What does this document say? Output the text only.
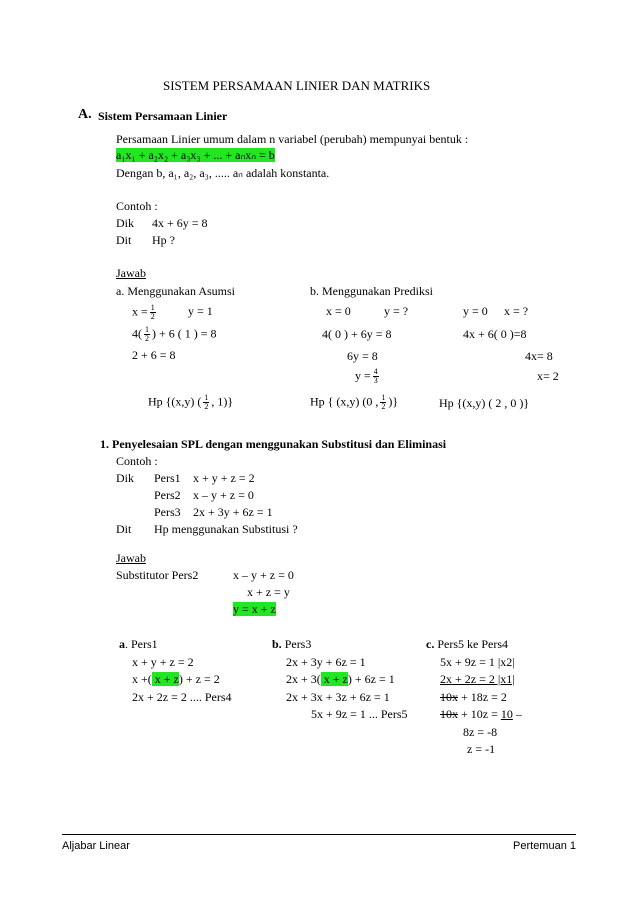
SISTEM PERSAMAAN LINIER DAN MATRIKS
A. Sistem Persamaan Linier
Persamaan Linier umum dalam n variabel (perubah) mempunyai bentuk :
a₁x₁ + a₂x₂ + a₃x₃ + ... + aₙxₙ = b
Dengan b, a₁, a₂, a₃, ..... aₙ adalah konstanta.
Contoh :
Dik 4x + 6y = 8
Dit Hp ?
Jawab
a. Menggunakan Asumsi
$x = \frac{1}{2}$	y = 1
$4( \frac{1}{2}$ ) + 6 ( 1 ) = 8
2 + 6 = 8
Hp {(x,y) ( $\frac{1}{2}$ , 1)}
b. Menggunakan Prediksi
x = 0	y = ?
4( 0 ) + 6y = 8
6y = 8
$y = \frac{4}{3}$
Hp { (x,y) (0 , $\frac{1}{2}$ )}
y = 0 x = ?
4x + 6( 0 )=8
4x= 8
x= 2
Hp {(x,y) ( 2 , 0 )}
1. Penyelesaian SPL dengan menggunakan Substitusi dan Eliminasi
Contoh :
Dik Pers1 x + y + z = 2
Pers2 x – y + z = 0
Pers3 2x + 3y + 6z = 1
Dit Hp menggunakan Substitusi ?
Jawab
Substitutor Pers2	x – y + z = 0
x + z = y
y = x + z
a. Pers1
x + y + z = 2
x +( x + z) + z = 2
2x + 2z = 2 .... Pers4
b. Pers3
2x + 3y + 6z = 1
2x + 3( x + z) + 6z = 1
2x + 3x + 3z + 6z = 1
5x + 9z = 1 ... Pers5
c. Pers5 ke Pers4
5x + 9z = 1 |x2|
2x + 2z = 2 |x1|
10x + 18z = 2
10x + 10z = 10 –
8z = -8
z = -1
Aljabar Linear	Pertemuan 1
